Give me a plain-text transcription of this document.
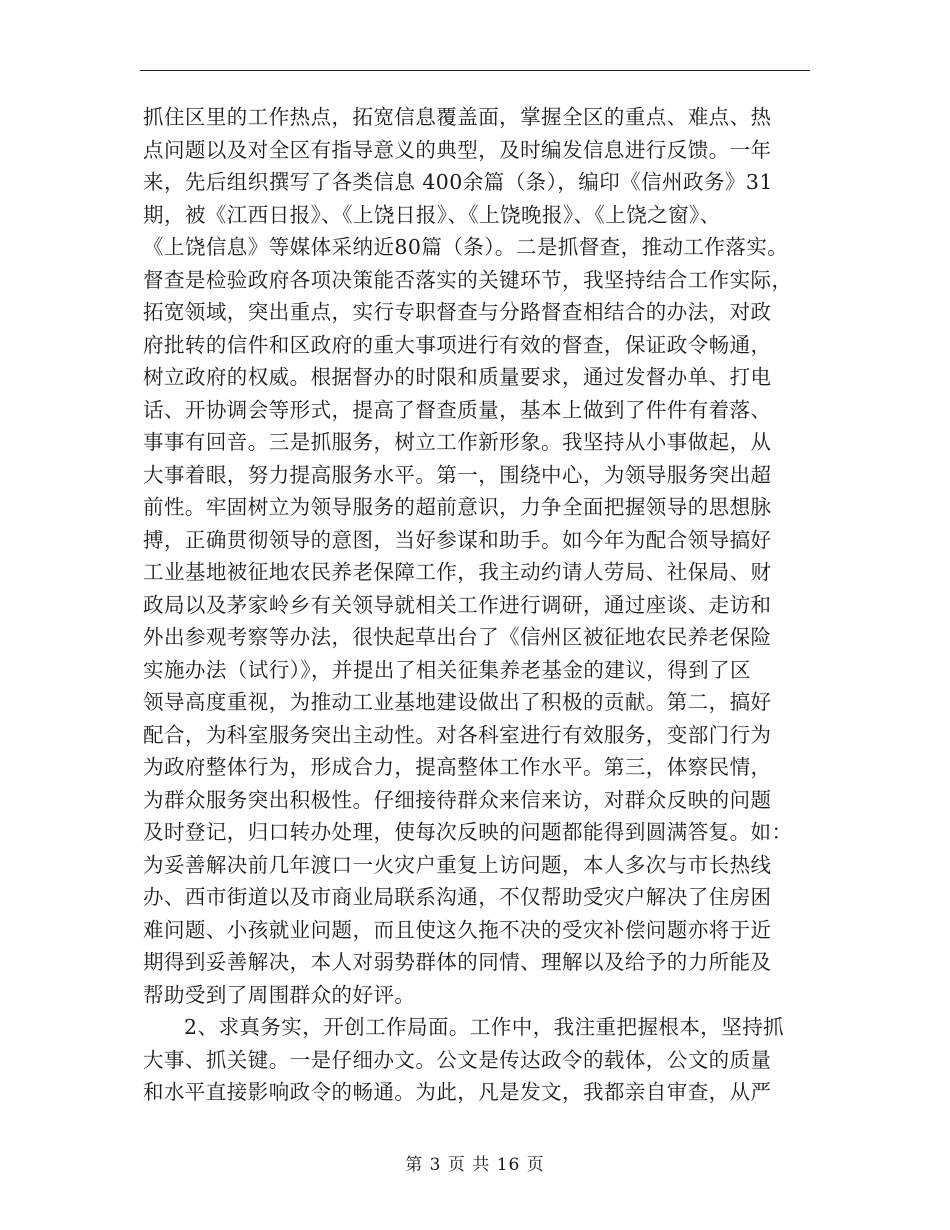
抓住区里的工作热点，拓宽信息覆盖面，掌握全区的重点、难点、热
点问题以及对全区有指导意义的典型，及时编发信息进行反馈。一年
来，先后组织撰写了各类信息 400余篇（条），编印《信州政务》31
期，被《江西日报》、《上饶日报》、《上饶晚报》、《上饶之窗》、
《上饶信息》等媒体采纳近80篇（条）。二是抓督查，推动工作落实。
督查是检验政府各项决策能否落实的关键环节，我坚持结合工作实际，
拓宽领域，突出重点，实行专职督查与分路督查相结合的办法，对政
府批转的信件和区政府的重大事项进行有效的督查，保证政令畅通，
树立政府的权威。根据督办的时限和质量要求，通过发督办单、打电
话、开协调会等形式，提高了督查质量，基本上做到了件件有着落、
事事有回音。三是抓服务，树立工作新形象。我坚持从小事做起，从
大事着眼，努力提高服务水平。第一，围绕中心，为领导服务突出超
前性。牢固树立为领导服务的超前意识，力争全面把握领导的思想脉
搏，正确贯彻领导的意图，当好参谋和助手。如今年为配合领导搞好
工业基地被征地农民养老保障工作，我主动约请人劳局、社保局、财
政局以及茅家岭乡有关领导就相关工作进行调研，通过座谈、走访和
外出参观考察等办法，很快起草出台了《信州区被征地农民养老保险
实施办法（试行）》，并提出了相关征集养老基金的建议，得到了区
领导高度重视，为推动工业基地建设做出了积极的贡献。第二，搞好
配合，为科室服务突出主动性。对各科室进行有效服务，变部门行为
为政府整体行为，形成合力，提高整体工作水平。第三，体察民情，
为群众服务突出积极性。仔细接待群众来信来访，对群众反映的问题
及时登记，归口转办处理，使每次反映的问题都能得到圆满答复。如：
为妥善解决前几年渡口一火灾户重复上访问题，本人多次与市长热线
办、西市街道以及市商业局联系沟通，不仅帮助受灾户解决了住房困
难问题、小孩就业问题，而且使这久拖不决的受灾补偿问题亦将于近
期得到妥善解决，本人对弱势群体的同情、理解以及给予的力所能及
帮助受到了周围群众的好评。
2、求真务实，开创工作局面。工作中，我注重把握根本，坚持抓
大事、抓关键。一是仔细办文。公文是传达政令的载体，公文的质量
和水平直接影响政令的畅通。为此，凡是发文，我都亲自审查，从严
第 3 页 共 16 页
